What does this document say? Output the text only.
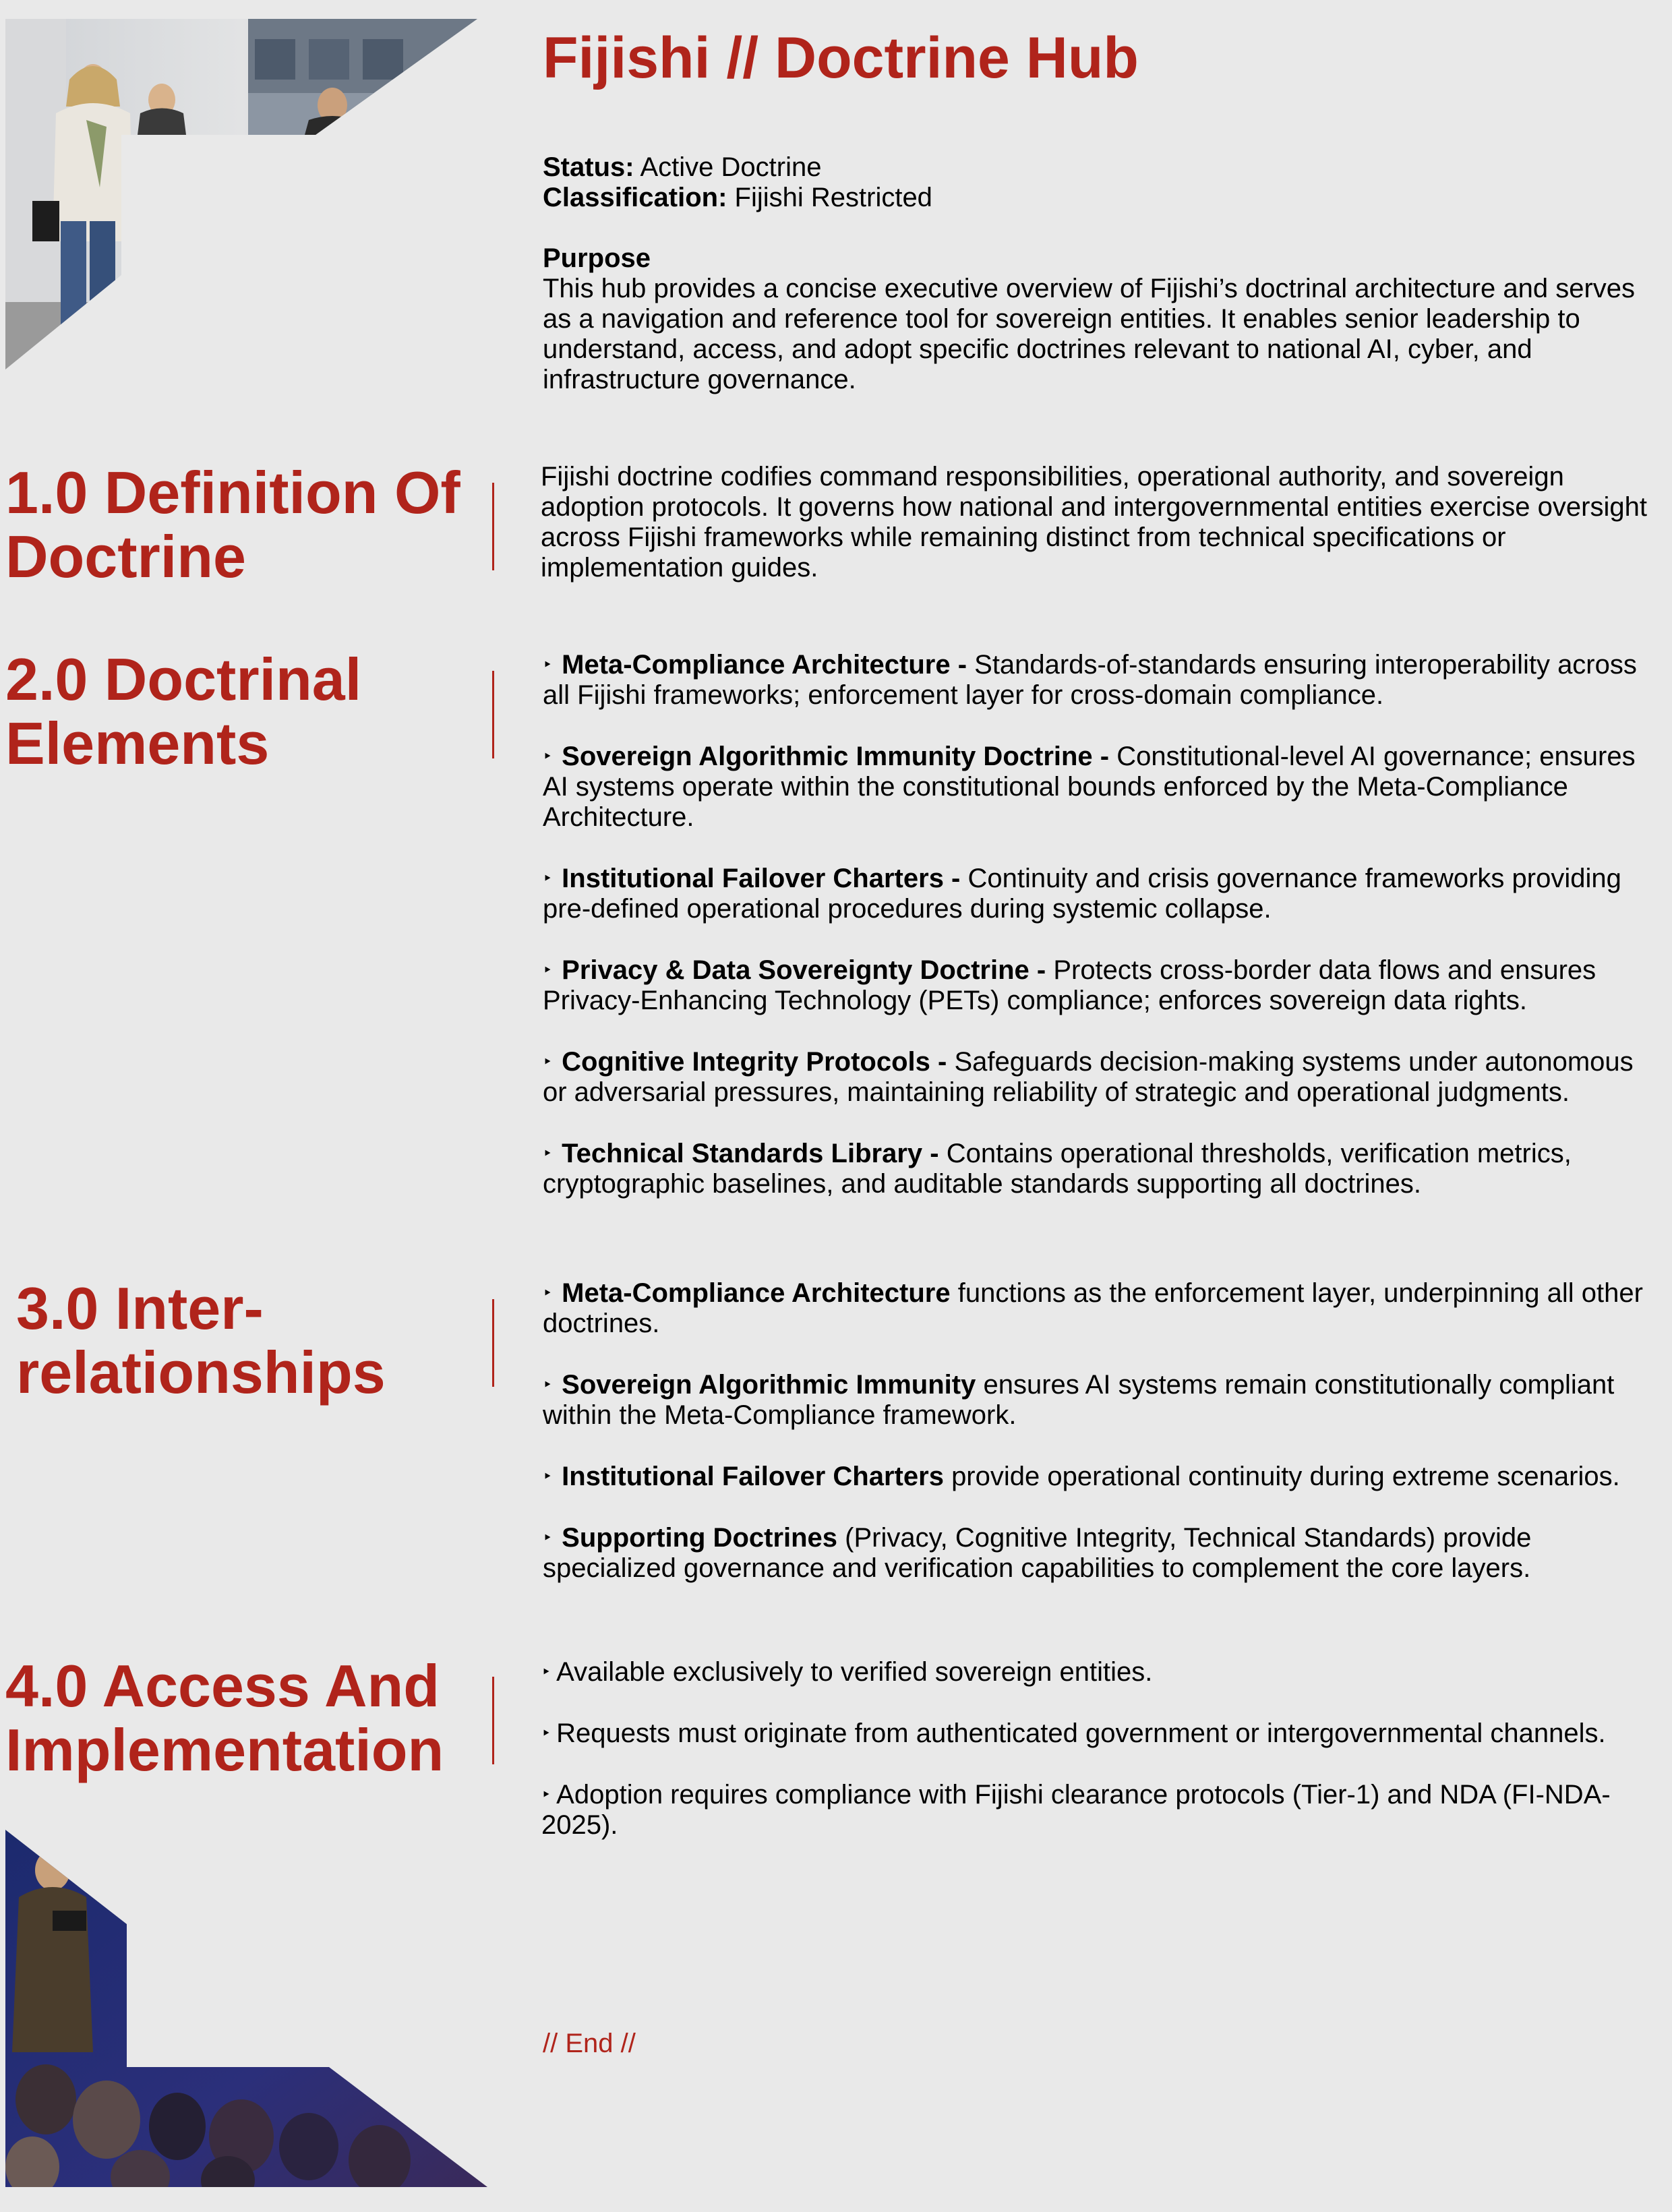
Fijishi // Doctrine Hub

Status: Active Doctrine

Classification: Fijishi Restricted

Purpose

This hub provides a concise executive overview of Fijishi’s doctrinal architecture and serves as a navigation and reference tool for sovereign entities. It enables senior leadership to understand, access, and adopt specific doctrines relevant to national AI, cyber, and infrastructure governance.

1.0 Definition Of
Doctrine

Fijishi doctrine codifies command responsibilities, operational authority, and sovereign adoption protocols. It governs how national and intergovernmental entities exercise oversight across Fijishi frameworks while remaining distinct from technical specifications or implementation guides.

2.0 Doctrinal
Elements

‣ Meta-Compliance Architecture - Standards-of-standards ensuring interoperability across all Fijishi frameworks; enforcement layer for cross-domain compliance.

‣ Sovereign Algorithmic Immunity Doctrine - Constitutional-level AI governance; ensures AI systems operate within the constitutional bounds enforced by the Meta-Compliance Architecture.

‣ Institutional Failover Charters - Continuity and crisis governance frameworks providing pre-defined operational procedures during systemic collapse.

‣ Privacy & Data Sovereignty Doctrine - Protects cross-border data flows and ensures Privacy-Enhancing Technology (PETs) compliance; enforces sovereign data rights.

‣ Cognitive Integrity Protocols - Safeguards decision-making systems under autonomous or adversarial pressures, maintaining reliability of strategic and operational judgments.

‣ Technical Standards Library - Contains operational thresholds, verification metrics, cryptographic baselines, and auditable standards supporting all doctrines.

3.0 Inter-
relationships

‣ Meta-Compliance Architecture functions as the enforcement layer, underpinning all other doctrines.

‣ Sovereign Algorithmic Immunity ensures AI systems remain constitutionally compliant within the Meta-Compliance framework.

‣ Institutional Failover Charters provide operational continuity during extreme scenarios.

‣ Supporting Doctrines (Privacy, Cognitive Integrity, Technical Standards) provide specialized governance and verification capabilities to complement the core layers.

4.0 Access And
Implementation

‣ Available exclusively to verified sovereign entities.

‣ Requests must originate from authenticated government or intergovernmental channels.

‣ Adoption requires compliance with Fijishi clearance protocols (Tier-1) and NDA (FI-NDA-2025).

// End //
